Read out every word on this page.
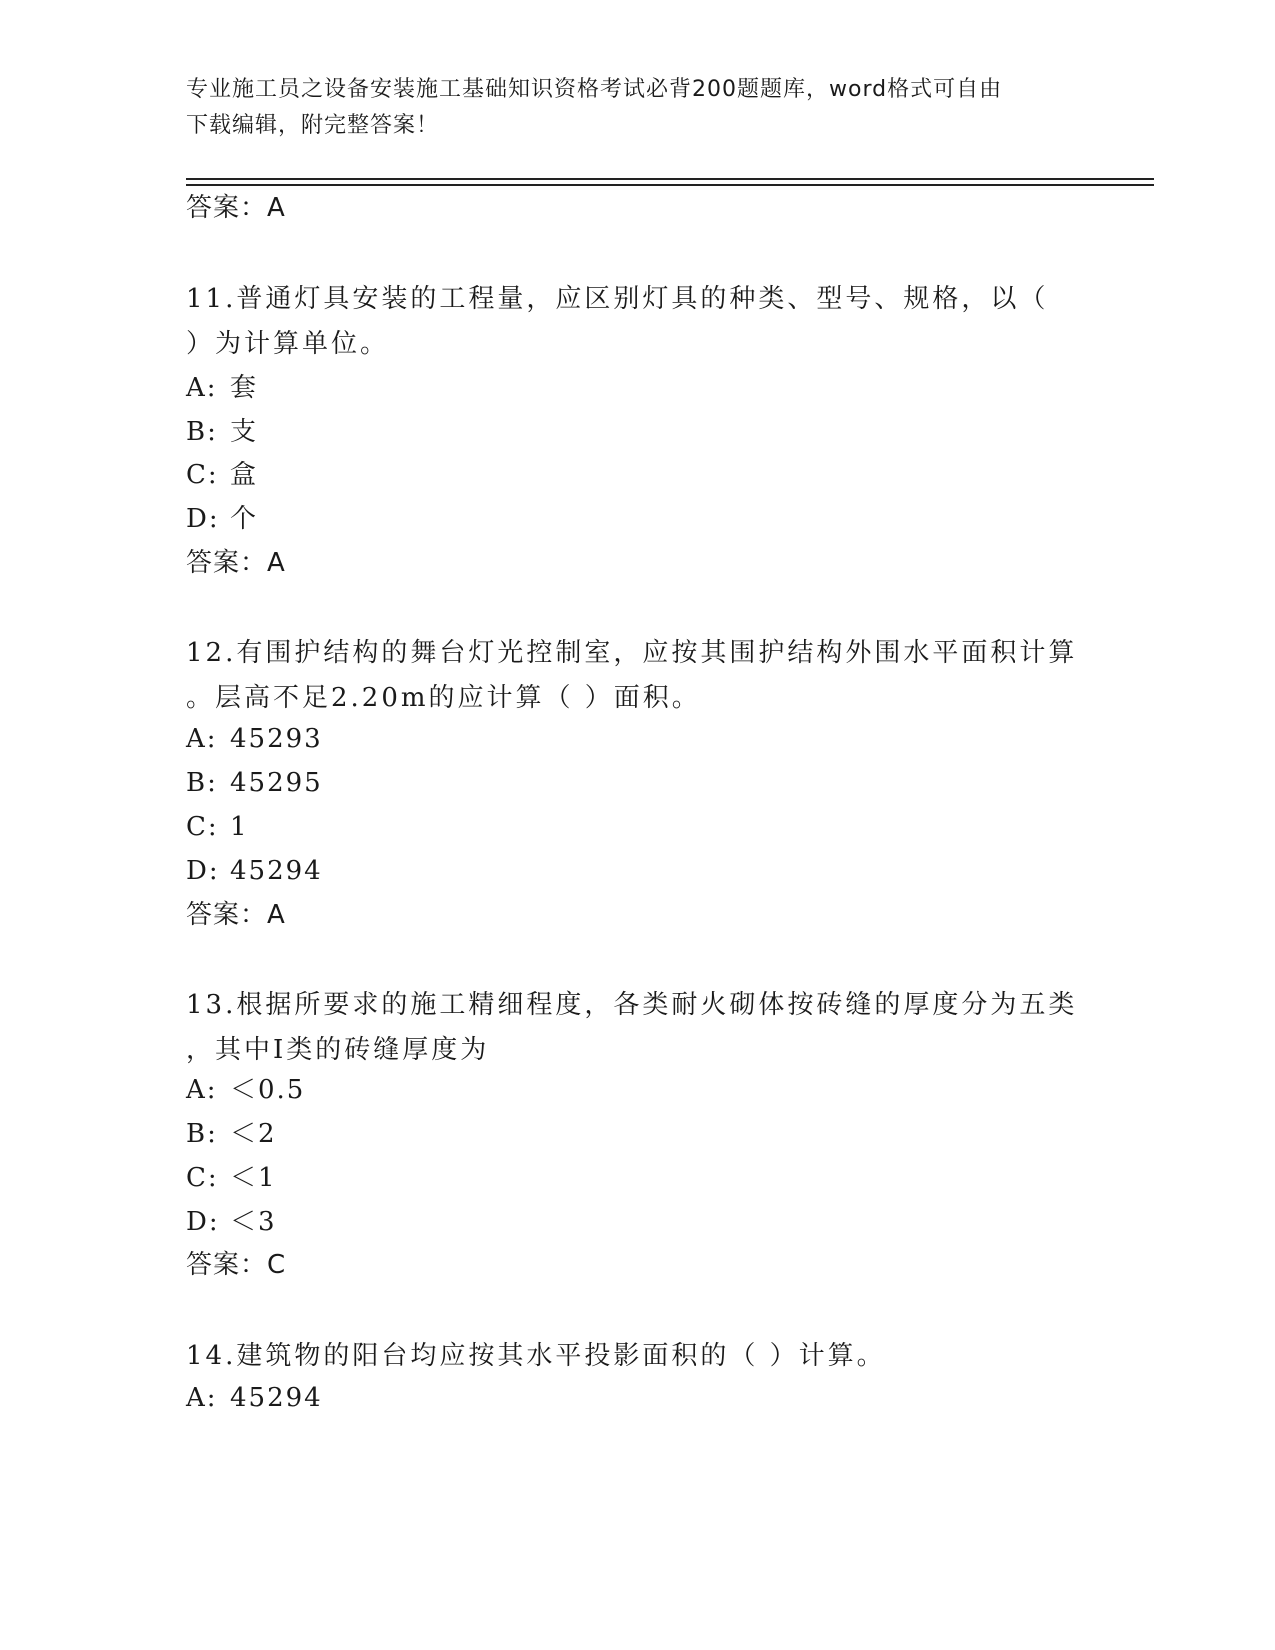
专业施工员之设备安装施工基础知识资格考试必背200题题库，word格式可自由
下载编辑，附完整答案！
答案：A
11.普通灯具安装的工程量，应区别灯具的种类、型号、规格，以（
）为计算单位。
A: 套
B: 支
C: 盒
D: 个
答案：A
12.有围护结构的舞台灯光控制室，应按其围护结构外围水平面积计算
。层高不足2.20m的应计算（ ）面积。
A: 45293
B: 45295
C: 1
D: 45294
答案：A
13.根据所要求的施工精细程度，各类耐火砌体按砖缝的厚度分为五类
，其中Ⅰ类的砖缝厚度为
A: ＜0.5
B: ＜2
C: ＜1
D: ＜3
答案：C
14.建筑物的阳台均应按其水平投影面积的（ ）计算。
A: 45294
